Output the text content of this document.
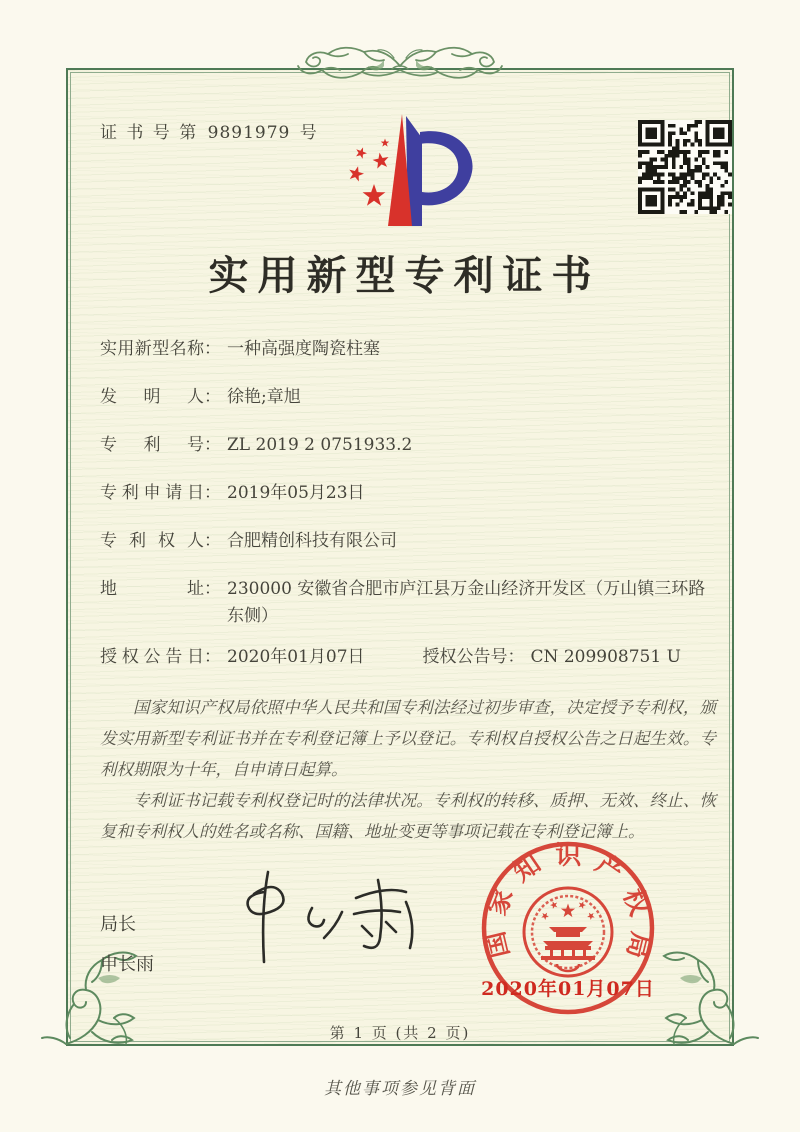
证 书 号 第 9891979 号
实用新型专利证书
实用新型名称 ： 一种高强度陶瓷柱塞
发明人 ： 徐艳;章旭
专利号 ： ZL 2019 2 0751933.2
专利申请日 ： 2019年05月23日
专利权人 ： 合肥精创科技有限公司
地址 ： 230000 安徽省合肥市庐江县万金山经济开发区（万山镇三环路东侧）
授权公告日 ： 2020年01月07日	授权公告号 ： CN 209908751 U

国家知识产权局依照中华人民共和国专利法经过初步审查，决定授予专利权，颁发实用新型专利证书并在专利登记簿上予以登记。专利权自授权公告之日起生效。专利权期限为十年，自申请日起算。

专利证书记载专利权登记时的法律状况。专利权的转移、质押、无效、终止、恢复和专利权人的姓名或名称、国籍、地址变更等事项记载在专利登记簿上。

局长
申长雨
国家知识产权局
2020年01月07日
第 1 页 (共 2 页)
其他事项参见背面
